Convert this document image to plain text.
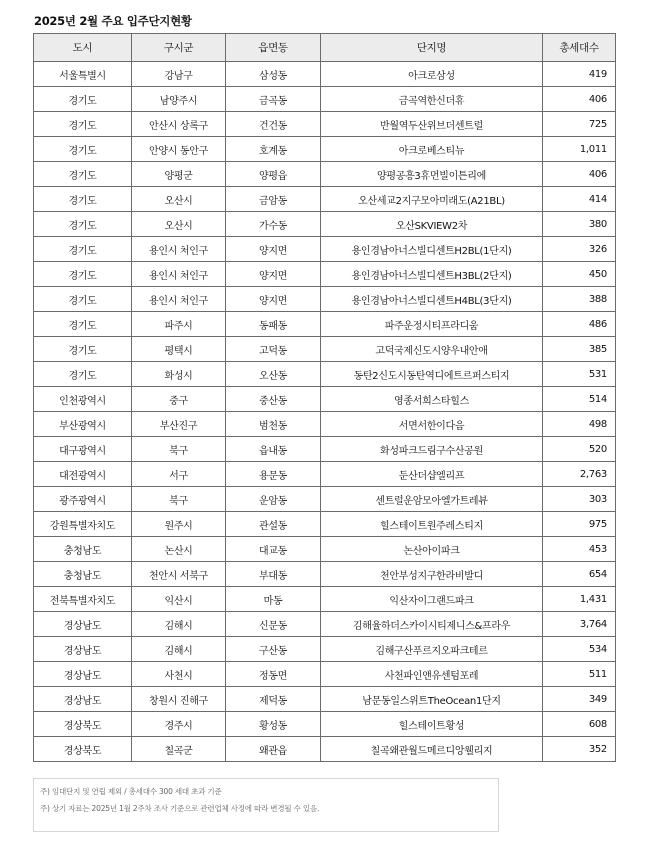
2025년 2월 주요 입주단지현황
도시	구시군	읍면동	단지명	총세대수
서울특별시	강남구	삼성동	아크로삼성	419
경기도	남양주시	금곡동	금곡역한신더휴	406
경기도	안산시 상록구	건건동	반월역두산위브더센트럴	725
경기도	안양시 동안구	호계동	아크로베스티뉴	1,011
경기도	양평군	양평읍	양평공흥3휴먼빌이튼리에	406
경기도	오산시	금암동	오산세교2지구모아미래도(A21BL)	414
경기도	오산시	가수동	오산SKVIEW2차	380
경기도	용인시 처인구	양지면	용인경남아너스빌디센트H2BL(1단지)	326
경기도	용인시 처인구	양지면	용인경남아너스빌디센트H3BL(2단지)	450
경기도	용인시 처인구	양지면	용인경남아너스빌디센트H4BL(3단지)	388
경기도	파주시	동패동	파주운정시티프라디움	486
경기도	평택시	고덕동	고덕국제신도시양우내안애	385
경기도	화성시	오산동	동탄2신도시동탄역디에트르퍼스티지	531
인천광역시	중구	중산동	영종서희스타힐스	514
부산광역시	부산진구	범천동	서면서한이다음	498
대구광역시	북구	읍내동	화성파크드림구수산공원	520
대전광역시	서구	용문동	둔산더샵엘리프	2,763
광주광역시	북구	운암동	센트럴운암모아엘가트레뷰	303
강원특별자치도	원주시	관설동	힐스테이트원주레스티지	975
충청남도	논산시	대교동	논산아이파크	453
충청남도	천안시 서북구	부대동	천안부성지구한라비발디	654
전북특별자치도	익산시	마동	익산자이그랜드파크	1,431
경상남도	김해시	신문동	김해율하더스카이시티제니스&프라우	3,764
경상남도	김해시	구산동	김해구산푸르지오파크테르	534
경상남도	사천시	정동면	사천파인앤유센텀포레	511
경상남도	창원시 진해구	제덕동	남문동일스위트TheOcean1단지	349
경상북도	경주시	황성동	힐스테이트황성	608
경상북도	칠곡군	왜관읍	칠곡왜관월드메르디앙웰리지	352
주) 임대단지 및 연립 제외 / 총세대수 300 세대 초과 기준
주) 상기 자료는 2025년 1월 2주차 조사 기준으로 관련업체 사정에 따라 변경될 수 있음.
